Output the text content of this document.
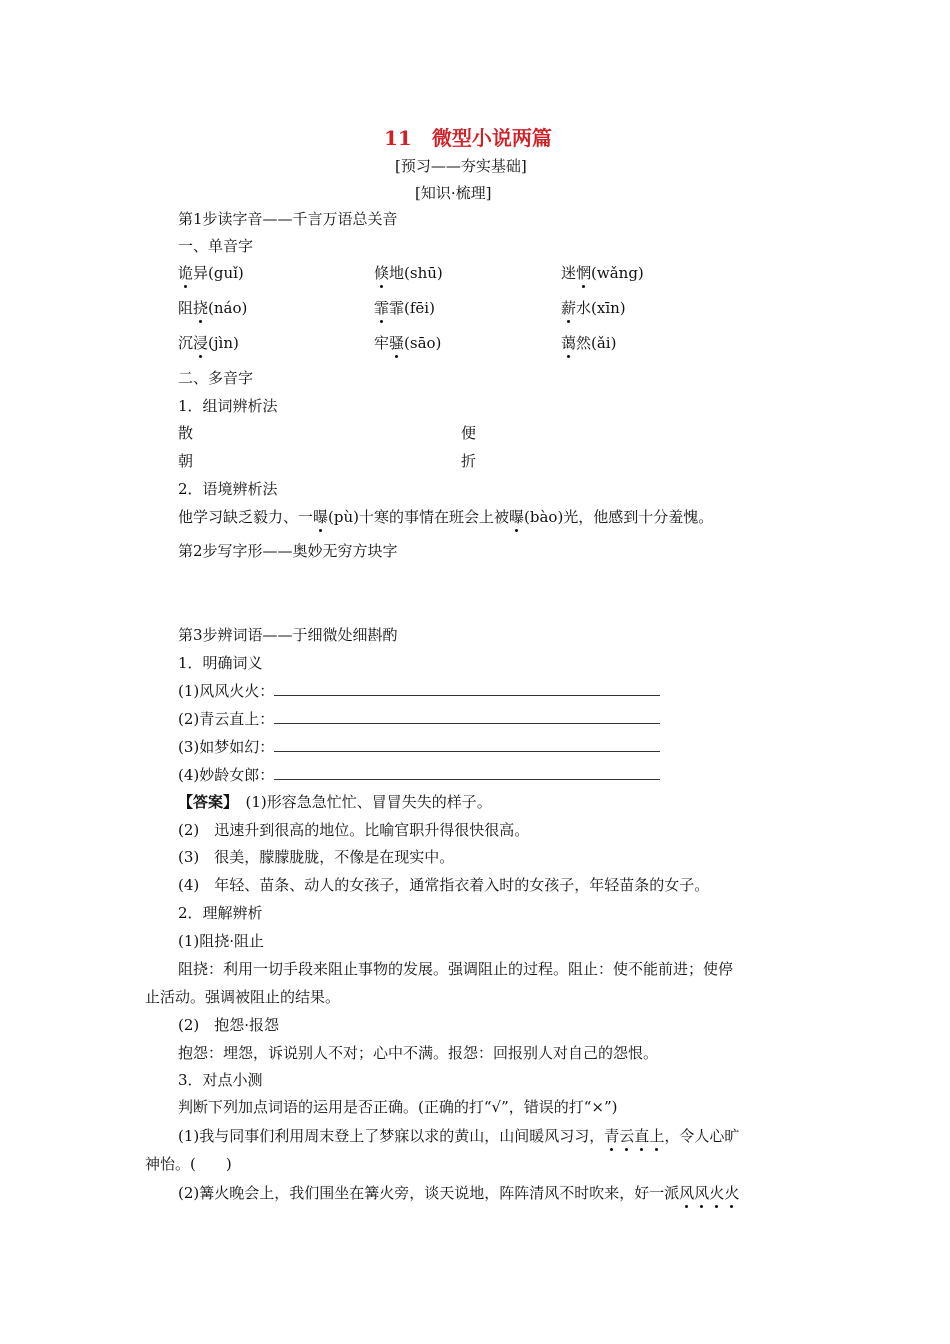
11　微型小说两篇
[预习——夯实基础]
[知识·梳理]
第1步读字音——千言万语总关音
一、单音字
诡异(guǐ)	倏地(shū)	迷惘(wǎng)
阻挠(náo)	霏霏(fēi)	薪水(xīn)
沉浸(jìn)	牢骚(sāo)	蔼然(ǎi)
二、多音字
1．组词辨析法
散	便
朝	折
2．语境辨析法
他学习缺乏毅力、一曝(pù)十寒的事情在班会上被曝(bào)光，他感到十分羞愧。
第2步写字形——奥妙无穷方块字
第3步辨词语——于细微处细斟酌
1．明确词义
(1)风风火火：
(2)青云直上：
(3)如梦如幻：
(4)妙龄女郎：
【答案】　(1)形容急急忙忙、冒冒失失的样子。
(2)　迅速升到很高的地位。比喻官职升得很快很高。
(3)　很美，朦朦胧胧，不像是在现实中。
(4)　年轻、苗条、动人的女孩子，通常指衣着入时的女孩子，年轻苗条的女子。
2．理解辨析
(1)阻挠·阻止
阻挠：利用一切手段来阻止事物的发展。强调阻止的过程。阻止：使不能前进；使停
止活动。强调被阻止的结果。
(2)　抱怨·报怨
抱怨：埋怨，诉说别人不对；心中不满。报怨：回报别人对自己的怨恨。
3．对点小测
判断下列加点词语的运用是否正确。(正确的打“√”，错误的打“×”)
(1)我与同事们利用周末登上了梦寐以求的黄山，山间暖风习习，青云直上，令人心旷
神怡。(　　)
(2)篝火晚会上，我们围坐在篝火旁，谈天说地，阵阵清风不时吹来，好一派风风火火
